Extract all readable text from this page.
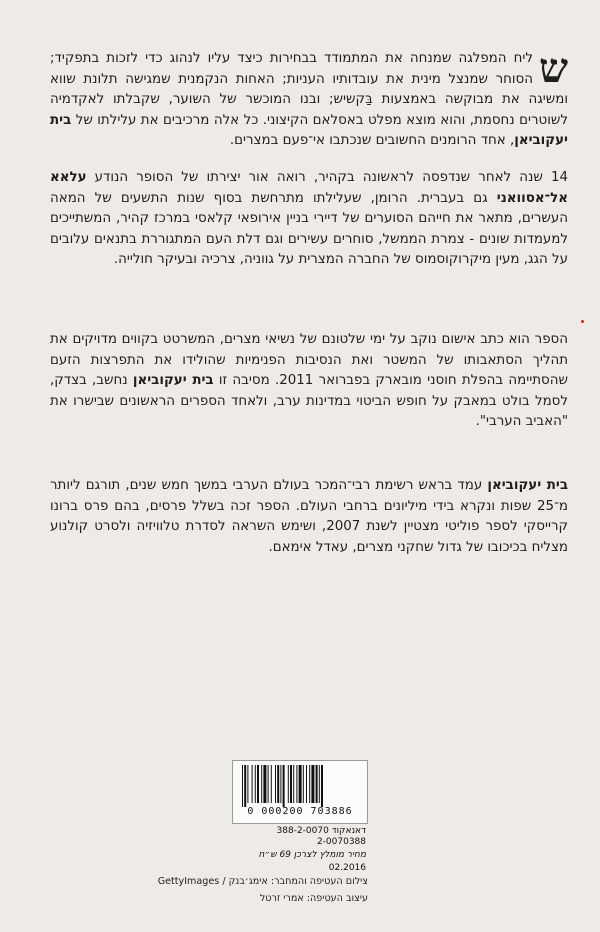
ש
ליח המפלגה שמנחה את המתמודד בבחירות כיצד עליו לנהוג כדי לזכות בתפקיד; הסוחר שמנצל מינית את עובדותיו העניות; האחות הנקמנית שמגישה תלונת שווא ומשיגה את מבוקשה באמצעות בַּקשיש; ובנו המוכשר של השוער, שקבלתו לאקדמיה לשוטרים נחסמת, והוא מוצא מפלט באסלאם הקיצוני. כל אלה מרכיבים את עלילתו של בית יעקוביאן, אחד הרומנים החשובים שנכתבו אי־פעם במצרים.

14 שנה לאחר שנדפסה לראשונה בקהיר, רואה אור יצירתו של הסופר הנודע עלאא אל־אסוואני גם בעברית. הרומן, שעלילתו מתרחשת בסוף שנות התשעים של המאה העשרים, מתאר את חייהם הסוערים של דיירי בניין אירופאי קלאסי במרכז קהיר, המשתייכים למעמדות שונים - צמרת הממשל, סוחרים עשירים וגם דלת העם המתגוררת בתנאים עלובים על הגג, מעין מיקרוקוסמוס של החברה המצרית על גווניה, צרכיה ובעיקר חולייה.

הספר הוא כתב אישום נוקב על ימי שלטונם של נשיאי מצרים, המשרטט בקווים מדויקים את תהליך הסתאבותו של המשטר ואת הנסיבות הפנימיות שהולידו את התפרצות הזעם שהסתיימה בהפלת חוסני מובארק בפברואר 2011. מסיבה זו בית יעקוביאן נחשב, בצדק, לסמל בולט במאבק על חופש הביטוי במדינות ערב, ולאחד הספרים הראשונים שבישרו את "האביב הערבי".

בית יעקוביאן עמד בראש רשימת רבי־המכר בעולם הערבי במשך חמש שנים, תורגם ליותר מ־25 שפות ונקרא בידי מיליונים ברחבי העולם. הספר זכה בשלל פרסים, בהם פרס ברונו קרייסקי לספר פוליטי מצטיין לשנת 2007, ושימש השראה לסדרת טלוויזיה ולסרט קולנוע מצליח בכיכובו של גדול שחקני מצרים, עאדל אימאם.

0 000200 703886
דאנאקוד 388-2-0070
2-0070388
מחיר מומלץ לצרכן 69 ש״ח
02.2016
צילום העטיפה והמחבר: אימג׳בנק / GettyImages
עיצוב העטיפה: אמרי זרטל
